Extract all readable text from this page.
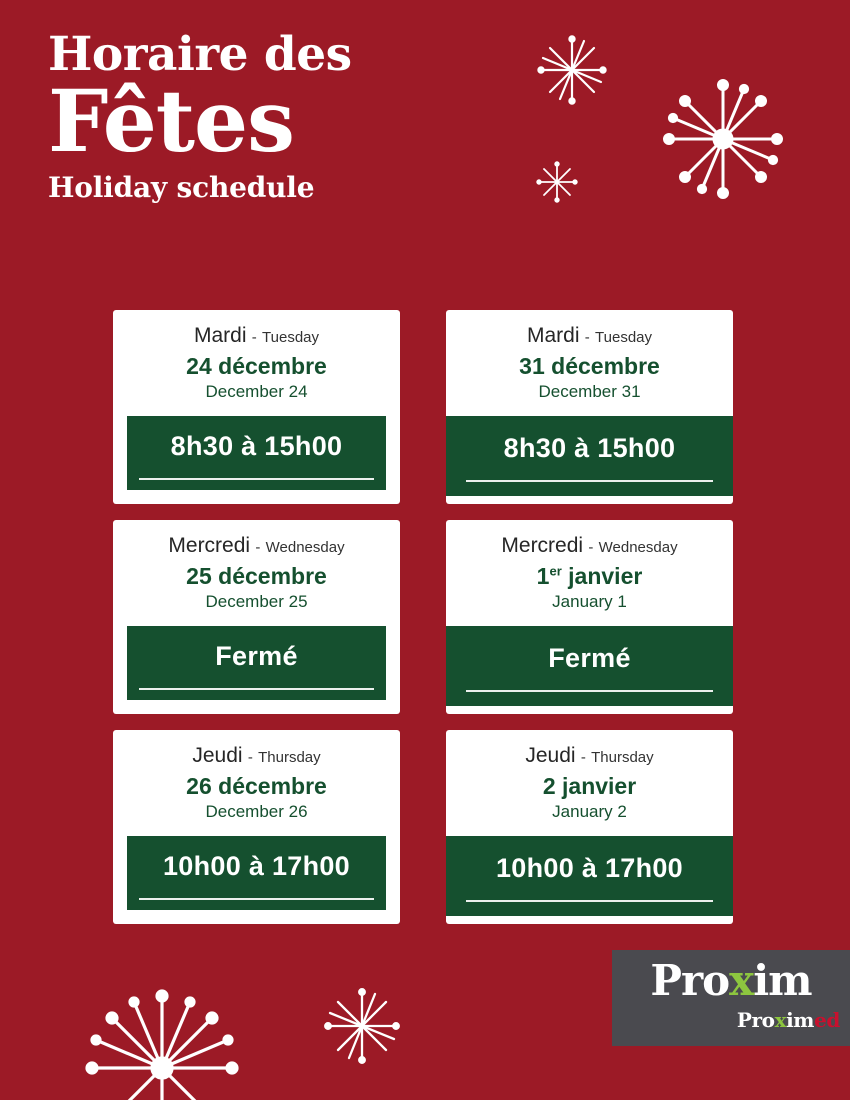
Horaire des
Fêtes
Holiday schedule
Mardi - Tuesday
24 décembre
December 24
8h30 à 15h00
Mardi - Tuesday
31 décembre
December 31
8h30 à 15h00
Mercredi - Wednesday
25 décembre
December 25
Fermé
Mercredi - Wednesday
1er janvier
January 1
Fermé
Jeudi - Thursday
26 décembre
December 26
10h00 à 17h00
Jeudi - Thursday
2 janvier
January 2
10h00 à 17h00
Proxim
Proximed
